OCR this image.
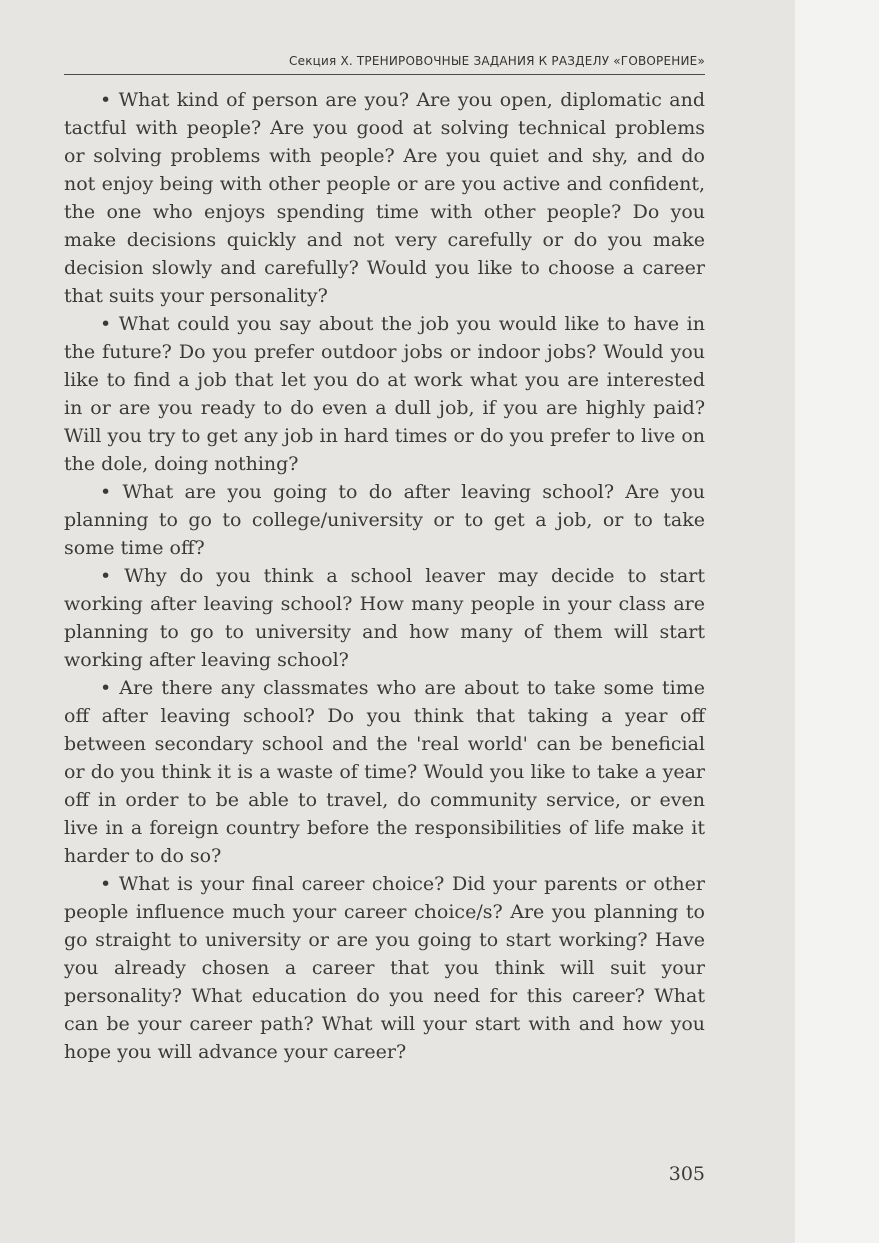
Секция X. ТРЕНИРОВОЧНЫЕ ЗАДАНИЯ К РАЗДЕЛУ «ГОВОРЕНИЕ»

• What kind of person are you? Are you open, diplomatic and tactful with people? Are you good at solving technical problems or solving problems with people? Are you quiet and shy, and do not enjoy being with other people or are you active and confident, the one who enjoys spending time with other people? Do you make decisions quickly and not very carefully or do you make decision slowly and carefully? Would you like to choose a career that suits your personality?

• What could you say about the job you would like to have in the future? Do you prefer outdoor jobs or indoor jobs? Would you like to find a job that let you do at work what you are interested in or are you ready to do even a dull job, if you are highly paid? Will you try to get any job in hard times or do you prefer to live on the dole, doing nothing?

• What are you going to do after leaving school? Are you planning to go to college/university or to get a job, or to take some time off?

• Why do you think a school leaver may decide to start working after leaving school? How many people in your class are planning to go to university and how many of them will start working after leaving school?

• Are there any classmates who are about to take some time off after leaving school? Do you think that taking a year off between secondary school and the 'real world' can be beneficial or do you think it is a waste of time? Would you like to take a year off in order to be able to travel, do community service, or even live in a foreign country before the responsibilities of life make it harder to do so?

• What is your final career choice? Did your parents or other people influence much your career choice/s? Are you planning to go straight to university or are you going to start working? Have you already chosen a career that you think will suit your personality? What education do you need for this career? What can be your career path? What will your start with and how you hope you will advance your career?

305
